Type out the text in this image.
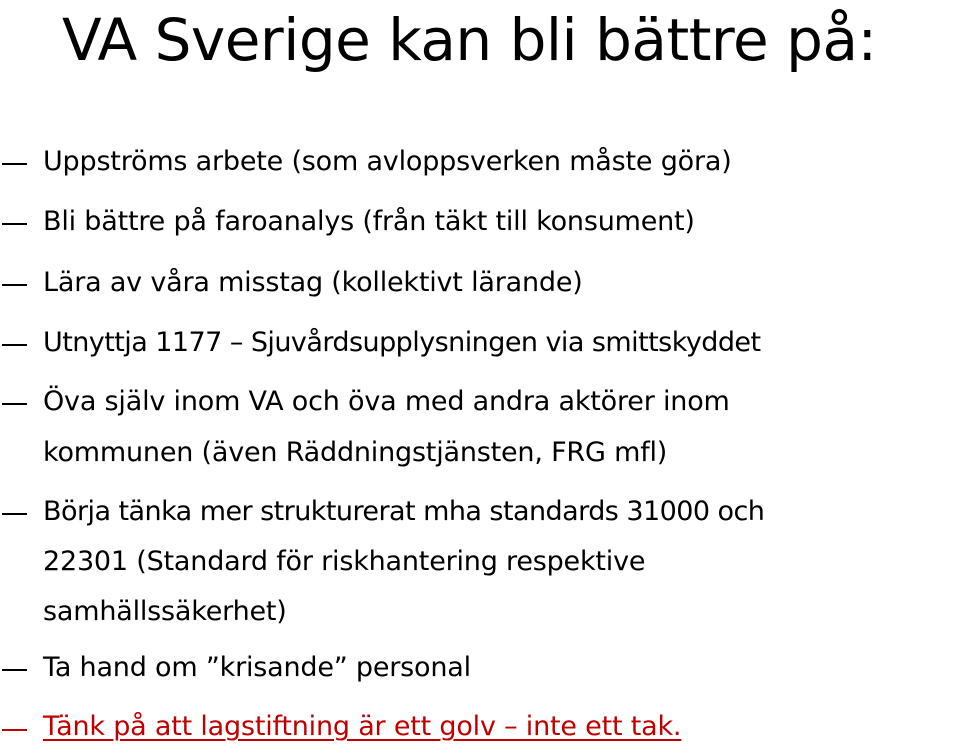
VA Sverige kan bli bättre på:
Uppströms arbete (som avloppsverken måste göra)
Bli bättre på faroanalys (från täkt till konsument)
Lära av våra misstag (kollektivt lärande)
Utnyttja 1177 – Sjuvårdsupplysningen via smittskyddet
Öva själv inom VA och öva med andra aktörer inom
kommunen (även Räddningstjänsten, FRG mfl)
Börja tänka mer strukturerat mha standards 31000 och
22301 (Standard för riskhantering respektive
samhällssäkerhet)
Ta hand om ”krisande” personal
Tänk på att lagstiftning är ett golv – inte ett tak.
